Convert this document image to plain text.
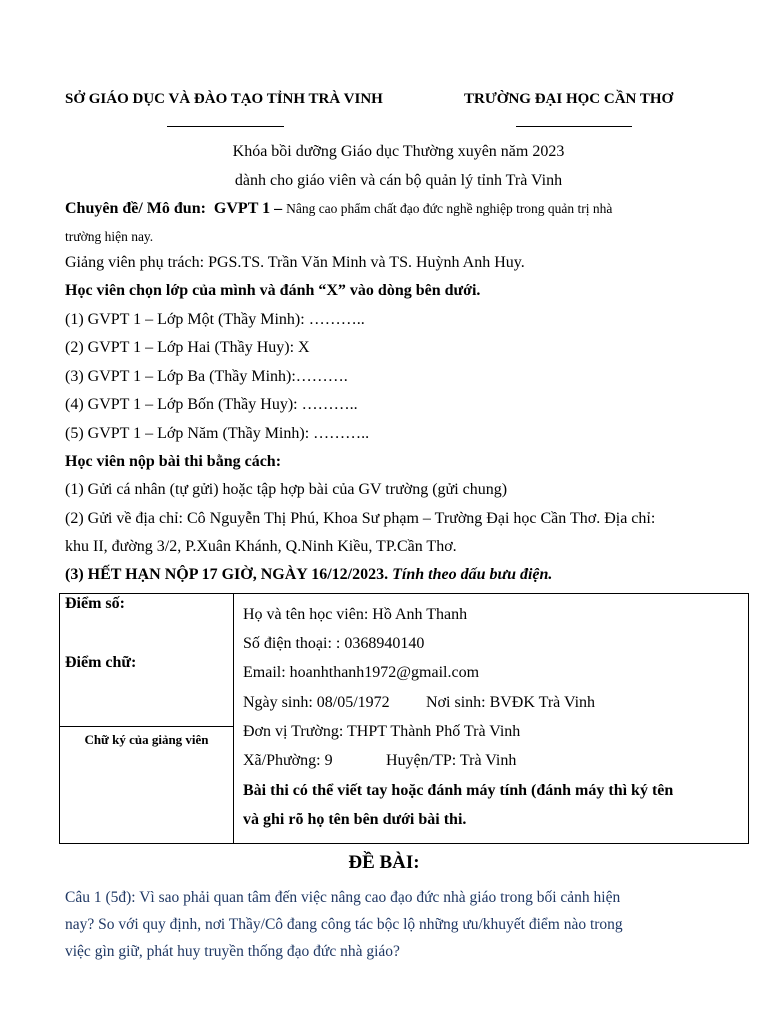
SỞ GIÁO DỤC VÀ ĐÀO TẠO TỈNH TRÀ VINH	TRƯỜNG ĐẠI HỌC CẦN THƠ
Khóa bồi dưỡng Giáo dục Thường xuyên năm 2023
dành cho giáo viên và cán bộ quản lý tỉnh Trà Vinh
Chuyên đề/ Mô đun: GVPT 1 – Nâng cao phẩm chất đạo đức nghề nghiệp trong quản trị nhà
trường hiện nay.
Giảng viên phụ trách: PGS.TS. Trần Văn Minh và TS. Huỳnh Anh Huy.
Học viên chọn lớp của mình và đánh “X” vào dòng bên dưới.
(1) GVPT 1 – Lớp Một (Thầy Minh): ………..
(2) GVPT 1 – Lớp Hai (Thầy Huy): X
(3) GVPT 1 – Lớp Ba (Thầy Minh):……….
(4) GVPT 1 – Lớp Bốn (Thầy Huy): ………..
(5) GVPT 1 – Lớp Năm (Thầy Minh): ………..
Học viên nộp bài thi bằng cách:
(1) Gửi cá nhân (tự gửi) hoặc tập hợp bài của GV trường (gửi chung)
(2) Gửi về địa chỉ: Cô Nguyễn Thị Phú, Khoa Sư phạm – Trường Đại học Cần Thơ. Địa chỉ:
khu II, đường 3/2, P.Xuân Khánh, Q.Ninh Kiều, TP.Cần Thơ.
(3) HẾT HẠN NỘP 17 GIỜ, NGÀY 16/12/2023. Tính theo dấu bưu điện.
Điểm số:
Điểm chữ:

Họ và tên học viên: Hồ Anh Thanh
Số điện thoại: : 0368940140
Email: hoanhthanh1972@gmail.com
Ngày sinh: 08/05/1972 Nơi sinh: BVĐK Trà Vinh
Đơn vị Trường: THPT Thành Phố Trà Vinh
Xã/Phường: 9	Huyện/TP: Trà Vinh
Bài thi có thể viết tay hoặc đánh máy tính (đánh máy thì ký tên
và ghi rõ họ tên bên dưới bài thi.

Chữ ký của giảng viên
ĐỀ BÀI:
Câu 1 (5đ): Vì sao phải quan tâm đến việc nâng cao đạo đức nhà giáo trong bối cảnh hiện
nay? So với quy định, nơi Thầy/Cô đang công tác bộc lộ những ưu/khuyết điểm nào trong
việc gìn giữ, phát huy truyền thống đạo đức nhà giáo?
